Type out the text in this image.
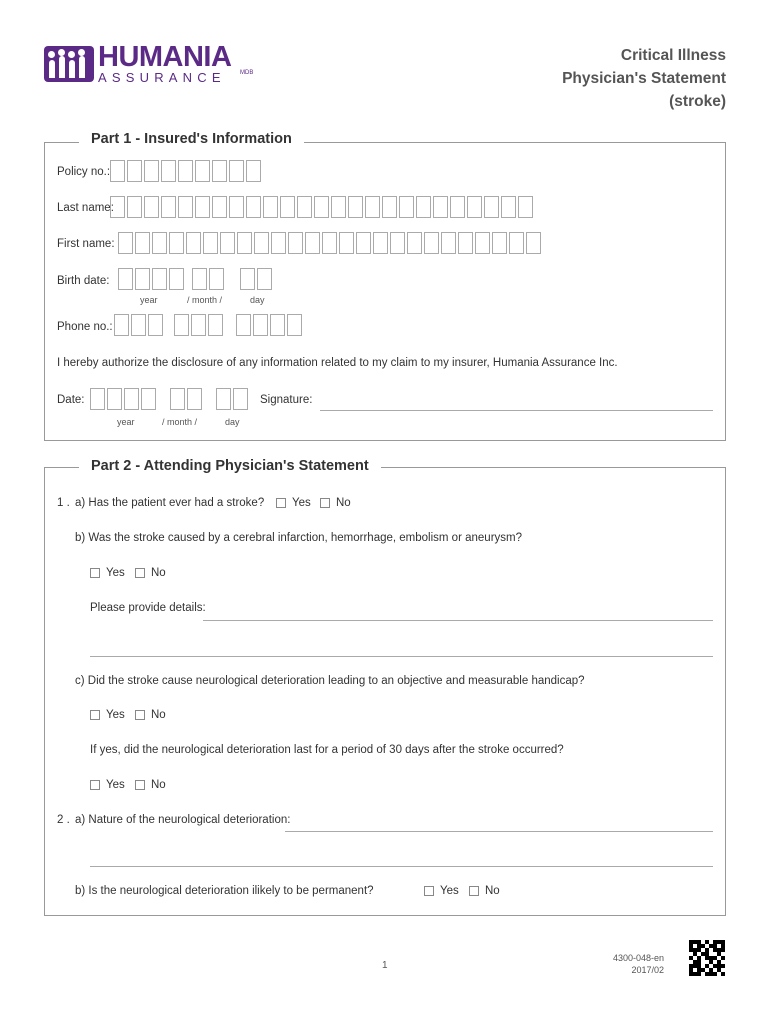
HUMANIA
ASSURANCE MDB
Critical Illness
Physician's Statement
(stroke)
Part 1 - Insured's Information
Policy no.:
Last name:
First name:
Birth date:
year	/ month /	day
Phone no.:
I hereby authorize the disclosure of any information related to my claim to my insurer, Humania Assurance Inc.
Date:
year	/ month /	day
Signature:
Part 2 - Attending Physician's Statement
1 . a) Has the patient ever had a stroke?	Yes	No
b) Was the stroke caused by a cerebral infarction, hemorrhage, embolism or aneurysm?
Yes	No
Please provide details:
c) Did the stroke cause neurological deterioration leading to an objective and measurable handicap?
Yes	No
If yes, did the neurological deterioration last for a period of 30 days after the stroke occurred?
Yes	No
2 . a) Nature of the neurological deterioration:
b) Is the neurological deterioration ilikely to be permanent?	Yes	No
1
4300-048-en
2017/02
